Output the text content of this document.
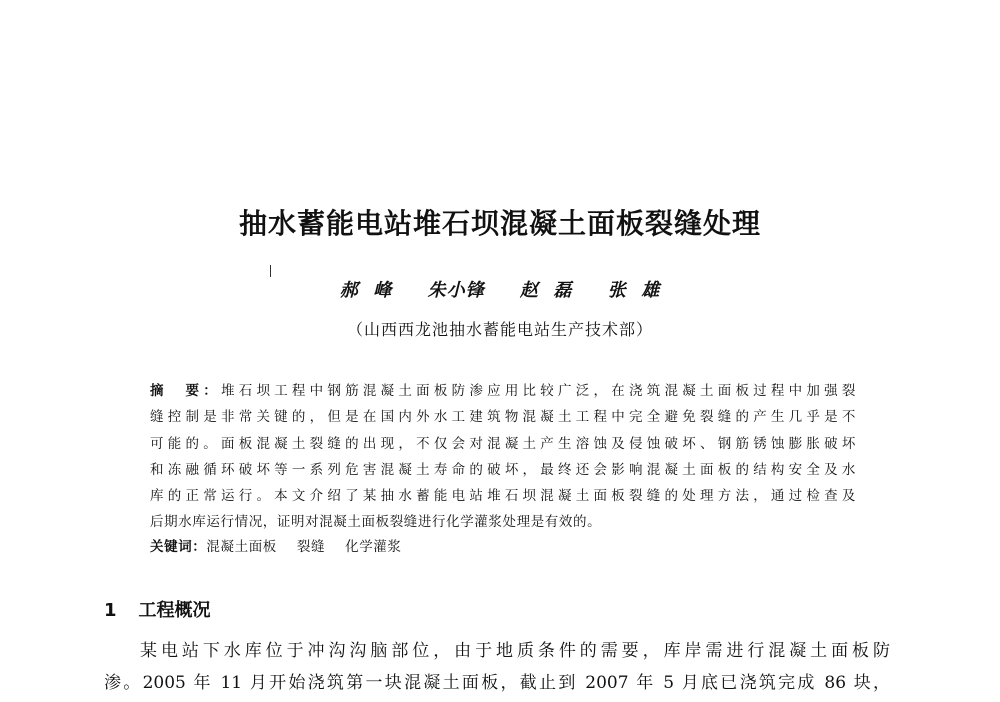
抽水蓄能电站堆石坝混凝土面板裂缝处理
郝  峰 朱小锋 赵  磊 张  雄
（山西西龙池抽水蓄能电站生产技术部）
摘　要：堆石坝工程中钢筋混凝土面板防渗应用比较广泛，在浇筑混凝土面板过程中加强裂
缝控制是非常关键的，但是在国内外水工建筑物混凝土工程中完全避免裂缝的产生几乎是不
可能的。面板混凝土裂缝的出现，不仅会对混凝土产生溶蚀及侵蚀破坏、钢筋锈蚀膨胀破坏
和冻融循环破坏等一系列危害混凝土寿命的破坏，最终还会影响混凝土面板的结构安全及水
库的正常运行。本文介绍了某抽水蓄能电站堆石坝混凝土面板裂缝的处理方法，通过检查及
后期水库运行情况，证明对混凝土面板裂缝进行化学灌浆处理是有效的。
关键词：混凝土面板 裂缝 化学灌浆
1 工程概况
某电站下水库位于冲沟沟脑部位，由于地质条件的需要，库岸需进行混凝土面板防
渗。2005 年 11 月开始浇筑第一块混凝土面板，截止到 2007 年 5 月底已浇筑完成 86 块，
